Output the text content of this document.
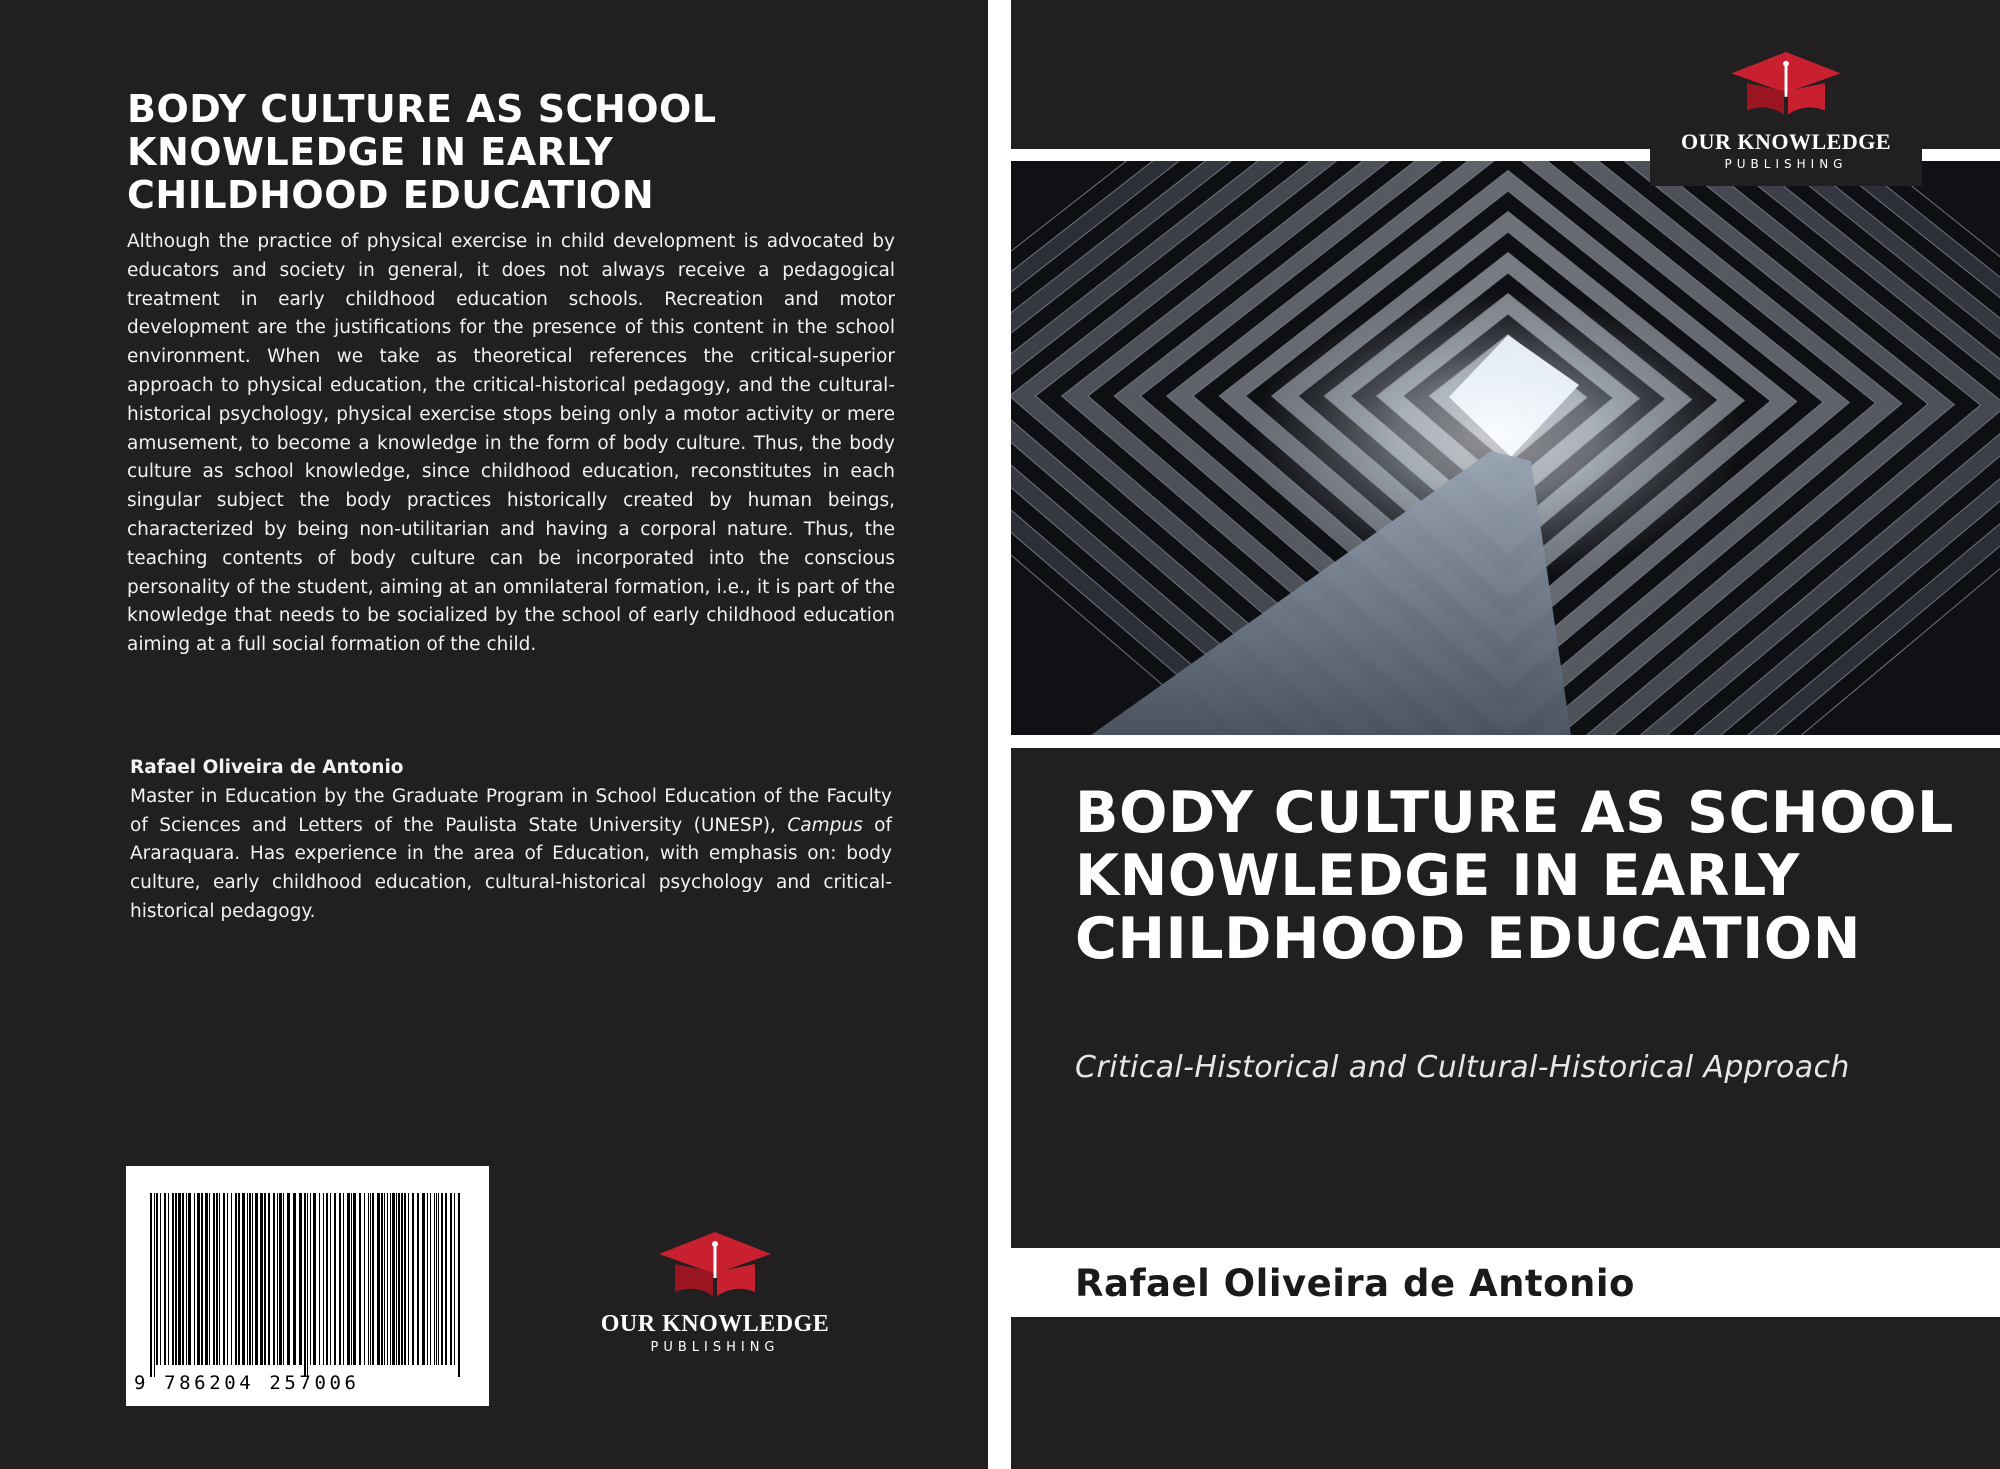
BODY CULTURE AS SCHOOL KNOWLEDGE IN EARLY CHILDHOOD EDUCATION

Although the practice of physical exercise in child development is advocated by educators and society in general, it does not always receive a pedagogical treatment in early childhood education schools. Recreation and motor development are the justifications for the presence of this content in the school environment. When we take as theoretical references the critical-superior approach to physical education, the critical-historical pedagogy, and the cultural-historical psychology, physical exercise stops being only a motor activity or mere amusement, to become a knowledge in the form of body culture. Thus, the body culture as school knowledge, since childhood education, reconstitutes in each singular subject the body practices historically created by human beings, characterized by being non-utilitarian and having a corporal nature. Thus, the teaching contents of body culture can be incorporated into the conscious personality of the student, aiming at an omnilateral formation, i.e., it is part of the knowledge that needs to be socialized by the school of early childhood education aiming at a full social formation of the child.

Rafael Oliveira de Antonio
Master in Education by the Graduate Program in School Education of the Faculty of Sciences and Letters of the Paulista State University (UNESP), Campus of Araraquara. Has experience in the area of Education, with emphasis on: body culture, early childhood education, cultural-historical psychology and critical-historical pedagogy.
9 786204 257006
OUR KNOWLEDGE
PUBLISHING
OUR KNOWLEDGE
PUBLISHING
BODY CULTURE AS SCHOOL KNOWLEDGE IN EARLY CHILDHOOD EDUCATION
Critical-Historical and Cultural-Historical Approach
Rafael Oliveira de Antonio
